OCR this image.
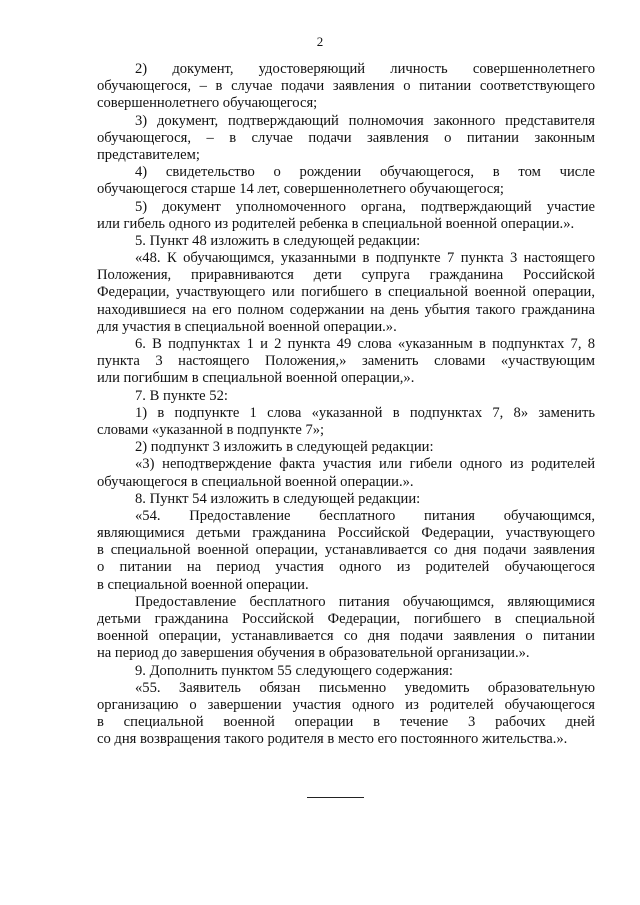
2
2) документ, удостоверяющий личность совершеннолетнего
обучающегося, – в случае подачи заявления о питании соответствующего
совершеннолетнего обучающегося;
3) документ, подтверждающий полномочия законного представителя
обучающегося, – в случае подачи заявления о питании законным
представителем;
4) свидетельство о рождении обучающегося, в том числе
обучающегося старше 14 лет, совершеннолетнего обучающегося;
5) документ уполномоченного органа, подтверждающий участие
или гибель одного из родителей ребенка в специальной военной операции.».
5. Пункт 48 изложить в следующей редакции:
«48. К обучающимся, указанными в подпункте 7 пункта 3 настоящего
Положения, приравниваются дети супруга гражданина Российской
Федерации, участвующего или погибшего в специальной военной операции,
находившиеся на его полном содержании на день убытия такого гражданина
для участия в специальной военной операции.».
6. В подпунктах 1 и 2 пункта 49 слова «указанным в подпунктах 7, 8
пункта 3 настоящего Положения,» заменить словами «участвующим
или погибшим в специальной военной операции,».
7. В пункте 52:
1) в подпункте 1 слова «указанной в подпунктах 7, 8» заменить
словами «указанной в подпункте 7»;
2) подпункт 3 изложить в следующей редакции:
«3) неподтверждение факта участия или гибели одного из родителей
обучающегося в специальной военной операции.».
8. Пункт 54 изложить в следующей редакции:
«54. Предоставление бесплатного питания обучающимся,
являющимися детьми гражданина Российской Федерации, участвующего
в специальной военной операции, устанавливается со дня подачи заявления
о питании на период участия одного из родителей обучающегося
в специальной военной операции.
Предоставление бесплатного питания обучающимся, являющимися
детьми гражданина Российской Федерации, погибшего в специальной
военной операции, устанавливается со дня подачи заявления о питании
на период до завершения обучения в образовательной организации.».
9. Дополнить пунктом 55 следующего содержания:
«55. Заявитель обязан письменно уведомить образовательную
организацию о завершении участия одного из родителей обучающегося
в специальной военной операции в течение 3 рабочих дней
со дня возвращения такого родителя в место его постоянного жительства.».
